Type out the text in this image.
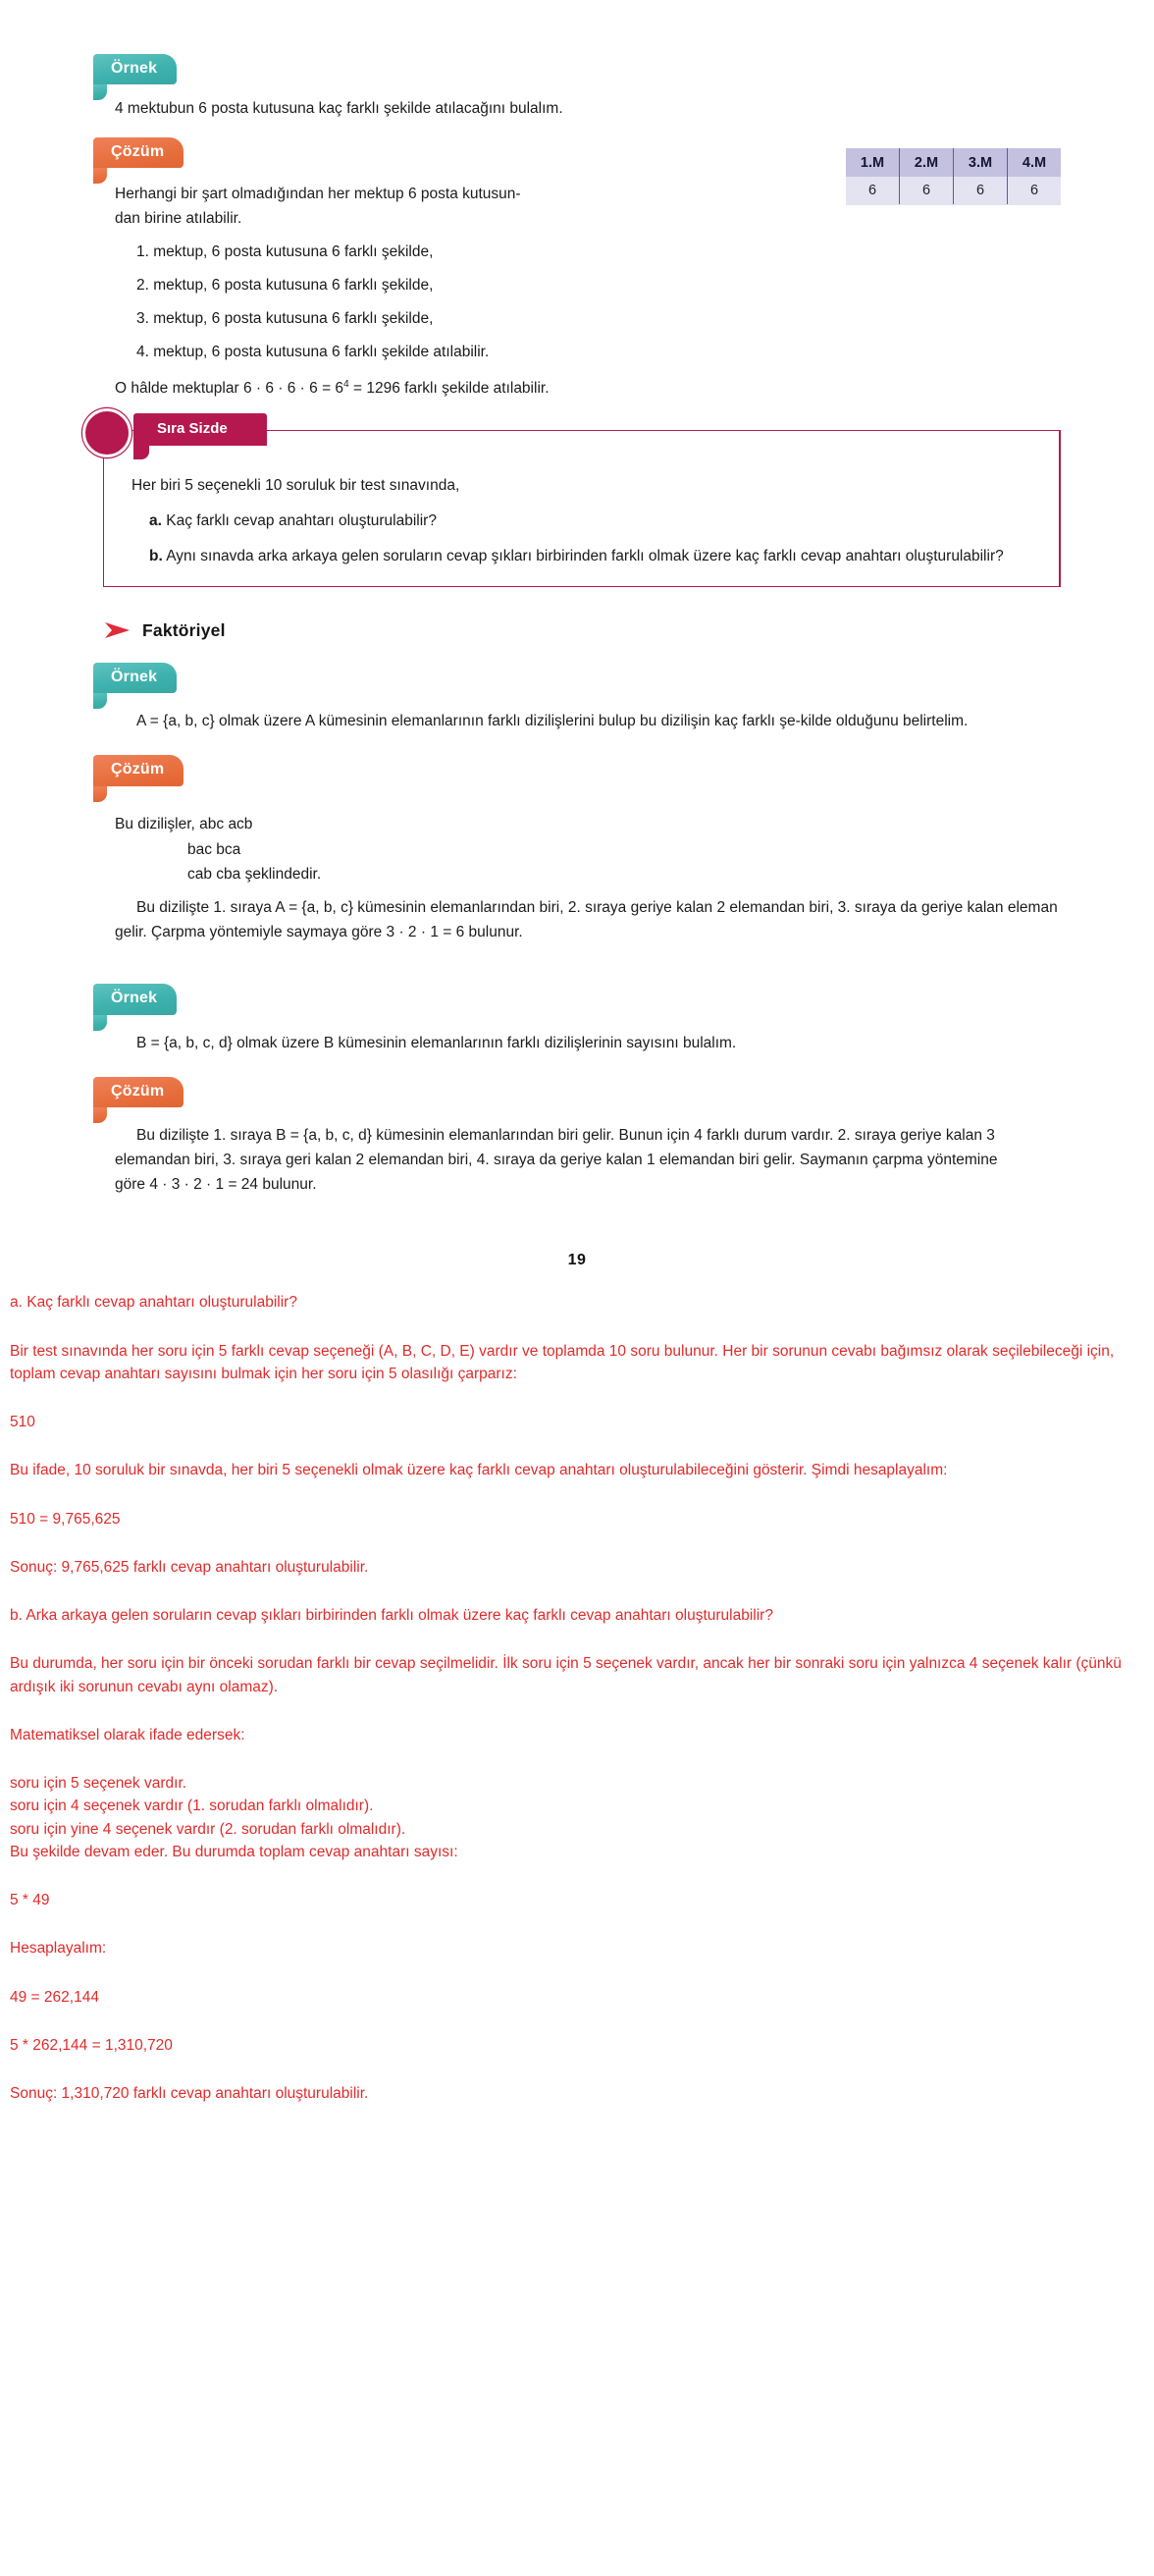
1.M	2.M	3.M	4.M
6	6	6	6
Örnek

4 mektubun 6 posta kutusuna kaç farklı şekilde atılacağını bulalım.

Çözüm

Herhangi bir şart olmadığından her mektup 6 posta kutusun-
dan birine atılabilir.

1. mektup, 6 posta kutusuna 6 farklı şekilde,

2. mektup, 6 posta kutusuna 6 farklı şekilde,

3. mektup, 6 posta kutusuna 6 farklı şekilde,

4. mektup, 6 posta kutusuna 6 farklı şekilde atılabilir.

O hâlde mektuplar $6 \cdot 6 \cdot 6 \cdot 6 = 6^4 = 1296$ farklı şekilde atılabilir.

Sıra Sizde

Her biri 5 seçenekli 10 soruluk bir test sınavında,

a. Kaç farklı cevap anahtarı oluşturulabilir?

b. Aynı sınavda arka arkaya gelen soruların cevap şıkları birbirinden farklı olmak üzere kaç farklı cevap anahtarı oluşturulabilir?

Faktöriyel
Örnek

A = {a, b, c} olmak üzere A kümesinin elemanlarının farklı dizilişlerini bulup bu dizilişin kaç farklı şe-kilde olduğunu belirtelim.

Çözüm
Bu dizilişler, abc acb
bac bca
cab cba şeklindedir.

Bu dizilişte 1. sıraya A = {a, b, c} kümesinin elemanlarından biri, 2. sıraya geriye kalan 2 elemandan biri, 3. sıraya da geriye kalan eleman gelir. Çarpma yöntemiyle saymaya göre 3 · 2 · 1 = 6 bulunur.

Örnek

B = {a, b, c, d} olmak üzere B kümesinin elemanlarının farklı dizilişlerinin sayısını bulalım.

Çözüm

Bu dizilişte 1. sıraya B = {a, b, c, d} kümesinin elemanlarından biri gelir. Bunun için 4 farklı durum vardır. 2. sıraya geriye kalan 3 elemandan biri, 3. sıraya geri kalan 2 elemandan biri, 4. sıraya da geriye kalan 1 elemandan biri gelir. Saymanın çarpma yöntemine göre 4 · 3 · 2 · 1 = 24 bulunur.

19

a. Kaç farklı cevap anahtarı oluşturulabilir?

Bir test sınavında her soru için 5 farklı cevap seçeneği (A, B, C, D, E) vardır ve toplamda 10 soru bulunur. Her bir sorunun cevabı bağımsız olarak seçilebileceği için, toplam cevap anahtarı sayısını bulmak için her soru için 5 olasılığı çarparız:

510

Bu ifade, 10 soruluk bir sınavda, her biri 5 seçenekli olmak üzere kaç farklı cevap anahtarı oluşturulabileceğini gösterir. Şimdi hesaplayalım:

510 = 9,765,625

Sonuç: 9,765,625 farklı cevap anahtarı oluşturulabilir.

b. Arka arkaya gelen soruların cevap şıkları birbirinden farklı olmak üzere kaç farklı cevap anahtarı oluşturulabilir?

Bu durumda, her soru için bir önceki sorudan farklı bir cevap seçilmelidir. İlk soru için 5 seçenek vardır, ancak her bir sonraki soru için yalnızca 4 seçenek kalır (çünkü ardışık iki sorunun cevabı aynı olamaz).

Matematiksel olarak ifade edersek:

soru için 5 seçenek vardır.
soru için 4 seçenek vardır (1. sorudan farklı olmalıdır).
soru için yine 4 seçenek vardır (2. sorudan farklı olmalıdır).
Bu şekilde devam eder. Bu durumda toplam cevap anahtarı sayısı:

5 * 49

Hesaplayalım:

49 = 262,144

5 * 262,144 = 1,310,720

Sonuç: 1,310,720 farklı cevap anahtarı oluşturulabilir.
